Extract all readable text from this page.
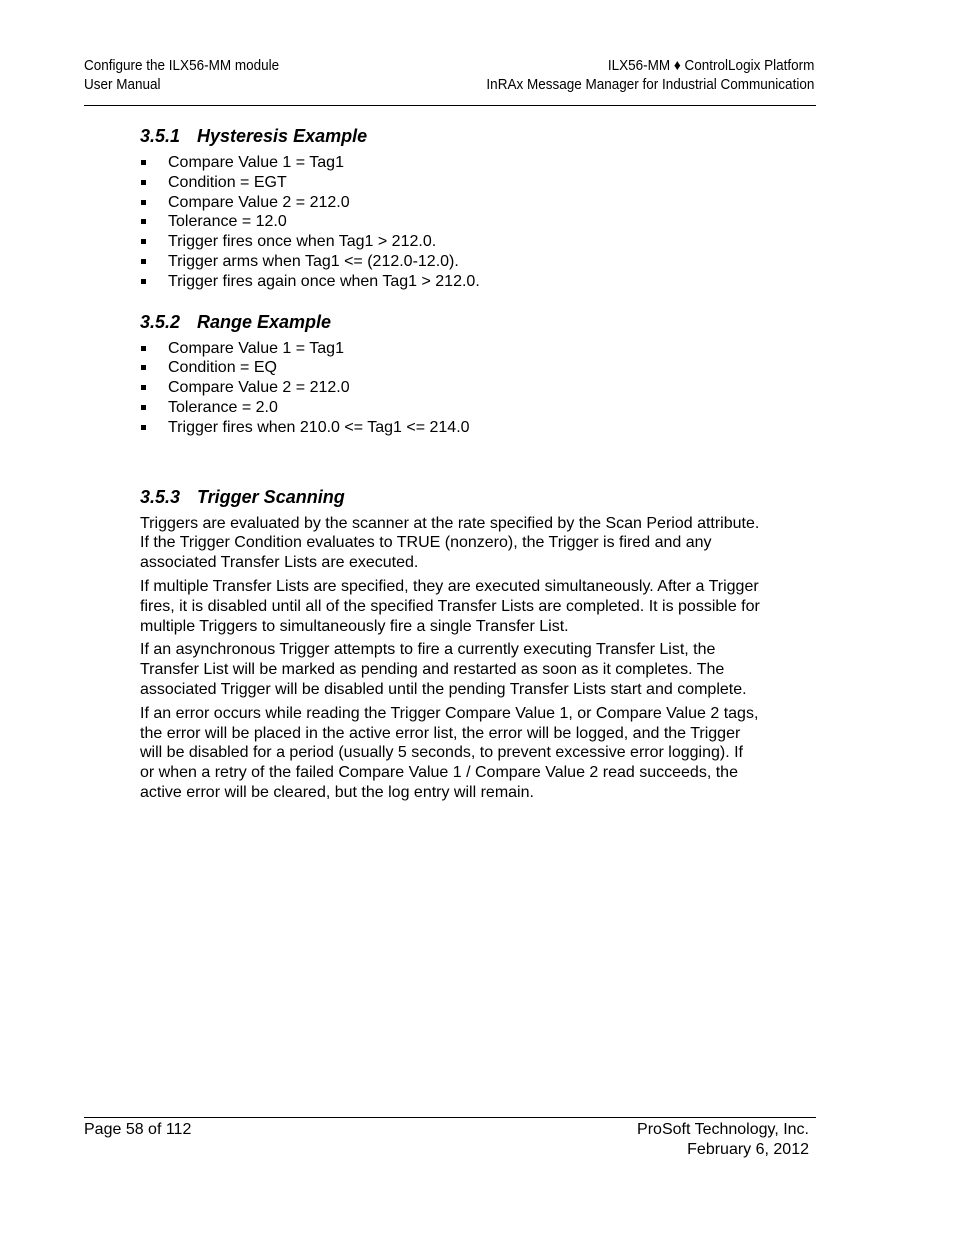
Configure the ILX56-MM module
User Manual
ILX56-MM ♦ ControlLogix Platform
InRAx Message Manager for Industrial Communication
3.5.1 Hysteresis Example
Compare Value 1 = Tag1
Condition = EGT
Compare Value 2 = 212.0
Tolerance = 12.0
Trigger fires once when Tag1 > 212.0.
Trigger arms when Tag1 <= (212.0-12.0).
Trigger fires again once when Tag1 > 212.0.
3.5.2 Range Example
Compare Value 1 = Tag1
Condition = EQ
Compare Value 2 = 212.0
Tolerance = 2.0
Trigger fires when 210.0 <= Tag1 <= 214.0
3.5.3 Trigger Scanning

Triggers are evaluated by the scanner at the rate specified by the Scan Period attribute. If the Trigger Condition evaluates to TRUE (nonzero), the Trigger is fired and any associated Transfer Lists are executed.

If multiple Transfer Lists are specified, they are executed simultaneously. After a Trigger fires, it is disabled until all of the specified Transfer Lists are completed. It is possible for multiple Triggers to simultaneously fire a single Transfer List.

If an asynchronous Trigger attempts to fire a currently executing Transfer List, the Transfer List will be marked as pending and restarted as soon as it completes. The associated Trigger will be disabled until the pending Transfer Lists start and complete.

If an error occurs while reading the Trigger Compare Value 1, or Compare Value 2 tags, the error will be placed in the active error list, the error will be logged, and the Trigger will be disabled for a period (usually 5 seconds, to prevent excessive error logging). If or when a retry of the failed Compare Value 1 / Compare Value 2 read succeeds, the active error will be cleared, but the log entry will remain.

Page 58 of 112	ProSoft Technology, Inc.
February 6, 2012
